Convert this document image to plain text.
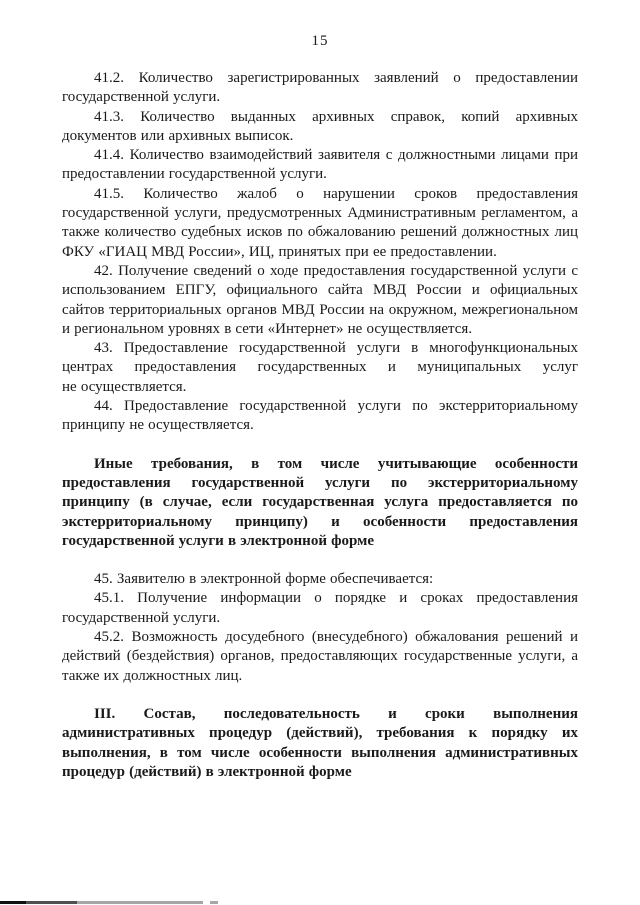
15

41.2. Количество зарегистрированных заявлений о предоставлении государственной услуги.

41.3. Количество выданных архивных справок, копий архивных документов или архивных выписок.

41.4. Количество взаимодействий заявителя с должностными лицами при предоставлении государственной услуги.

41.5. Количество жалоб о нарушении сроков предоставления государственной услуги, предусмотренных Административным регламентом, а также количество судебных исков по обжалованию решений должностных лиц ФКУ «ГИАЦ МВД России», ИЦ, принятых при ее предоставлении.

42. Получение сведений о ходе предоставления государственной услуги с использованием ЕПГУ, официального сайта МВД России и официальных сайтов территориальных органов МВД России на окружном, межрегиональном и региональном уровнях в сети «Интернет» не осуществляется.

43. Предоставление государственной услуги в многофункциональных центрах предоставления государственных и муниципальных услуг не осуществляется.

44. Предоставление государственной услуги по экстерриториальному принципу не осуществляется.

Иные требования, в том числе учитывающие особенности предоставления государственной услуги по экстерриториальному принципу (в случае, если государственная услуга предоставляется по экстерриториальному принципу) и особенности предоставления государственной услуги в электронной форме

45. Заявителю в электронной форме обеспечивается:

45.1. Получение информации о порядке и сроках предоставления государственной услуги.

45.2. Возможность досудебного (внесудебного) обжалования решений и действий (бездействия) органов, предоставляющих государственные услуги, а также их должностных лиц.

III. Состав, последовательность и сроки выполнения административных процедур (действий), требования к порядку их выполнения, в том числе особенности выполнения административных процедур (действий) в электронной форме
